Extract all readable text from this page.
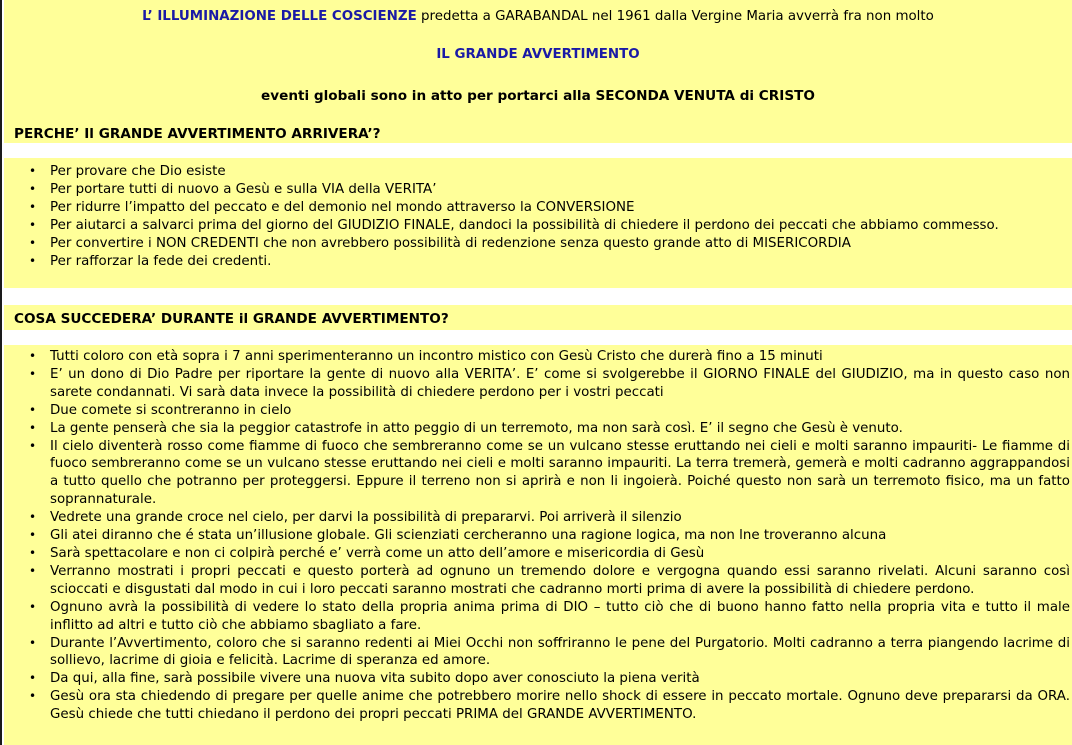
L’ ILLUMINAZIONE DELLE COSCIENZE predetta a GARABANDAL nel 1961 dalla Vergine Maria avverrà fra non molto
IL GRANDE AVVERTIMENTO
eventi globali sono in atto per portarci alla SECONDA VENUTA di CRISTO
PERCHE’ Il GRANDE AVVERTIMENTO ARRIVERA’?
• Per provare che Dio esiste
• Per portare tutti di nuovo a Gesù e sulla VIA della VERITA’
• Per ridurre l’impatto del peccato e del demonio nel mondo attraverso la CONVERSIONE
• Per aiutarci a salvarci prima del giorno del GIUDIZIO FINALE, dandoci la possibilità di chiedere il perdono dei peccati che abbiamo commesso.
• Per convertire i NON CREDENTI che non avrebbero possibilità di redenzione senza questo grande atto di MISERICORDIA
• Per rafforzar la fede dei credenti.
COSA SUCCEDERA’ DURANTE il GRANDE AVVERTIMENTO?
• Tutti coloro con età sopra i 7 anni sperimenteranno un incontro mistico con Gesù Cristo che durerà fino a 15 minuti
• E’ un dono di Dio Padre per riportare la gente di nuovo alla VERITA’. E’ come si svolgerebbe il GIORNO FINALE del GIUDIZIO, ma in questo caso non sarete condannati. Vi sarà data invece la possibilità di chiedere perdono per i vostri peccati
• Due comete si scontreranno in cielo
• La gente penserà che sia la peggior catastrofe in atto peggio di un terremoto, ma non sarà così. E’ il segno che Gesù è venuto.
• Il cielo diventerà rosso come fiamme di fuoco che sembreranno come se un vulcano stesse eruttando nei cieli e molti saranno impauriti- Le fiamme di fuoco sembreranno come se un vulcano stesse eruttando nei cieli e molti saranno impauriti. La terra tremerà, gemerà e molti cadranno aggrappandosi a tutto quello che potranno per proteggersi. Eppure il terreno non si aprirà e non li ingoierà. Poiché questo non sarà un terremoto fisico, ma un fatto soprannaturale.
• Vedrete una grande croce nel cielo, per darvi la possibilità di prepararvi. Poi arriverà il silenzio
• Gli atei diranno che é stata un’illusione globale. Gli scienziati cercheranno una ragione logica, ma non lne troveranno alcuna
• Sarà spettacolare e non ci colpirà perché e’ verrà come un atto dell’amore e misericordia di Gesù
• Verranno mostrati i propri peccati e questo porterà ad ognuno un tremendo dolore e vergogna quando essi saranno rivelati. Alcuni saranno così scioccati e disgustati dal modo in cui i loro peccati saranno mostrati che cadranno morti prima di avere la possibilità di chiedere perdono.
• Ognuno avrà la possibilità di vedere lo stato della propria anima prima di DIO – tutto ciò che di buono hanno fatto nella propria vita e tutto il male inflitto ad altri e tutto ciò che abbiamo sbagliato a fare.
• Durante l’Avvertimento, coloro che si saranno redenti ai Miei Occhi non soffriranno le pene del Purgatorio. Molti cadranno a terra piangendo lacrime di sollievo, lacrime di gioia e felicità. Lacrime di speranza ed amore.
• Da qui, alla fine, sarà possibile vivere una nuova vita subito dopo aver conosciuto la piena verità
• Gesù ora sta chiedendo di pregare per quelle anime che potrebbero morire nello shock di essere in peccato mortale. Ognuno deve prepararsi da ORA. Gesù chiede che tutti chiedano il perdono dei propri peccati PRIMA del GRANDE AVVERTIMENTO.
